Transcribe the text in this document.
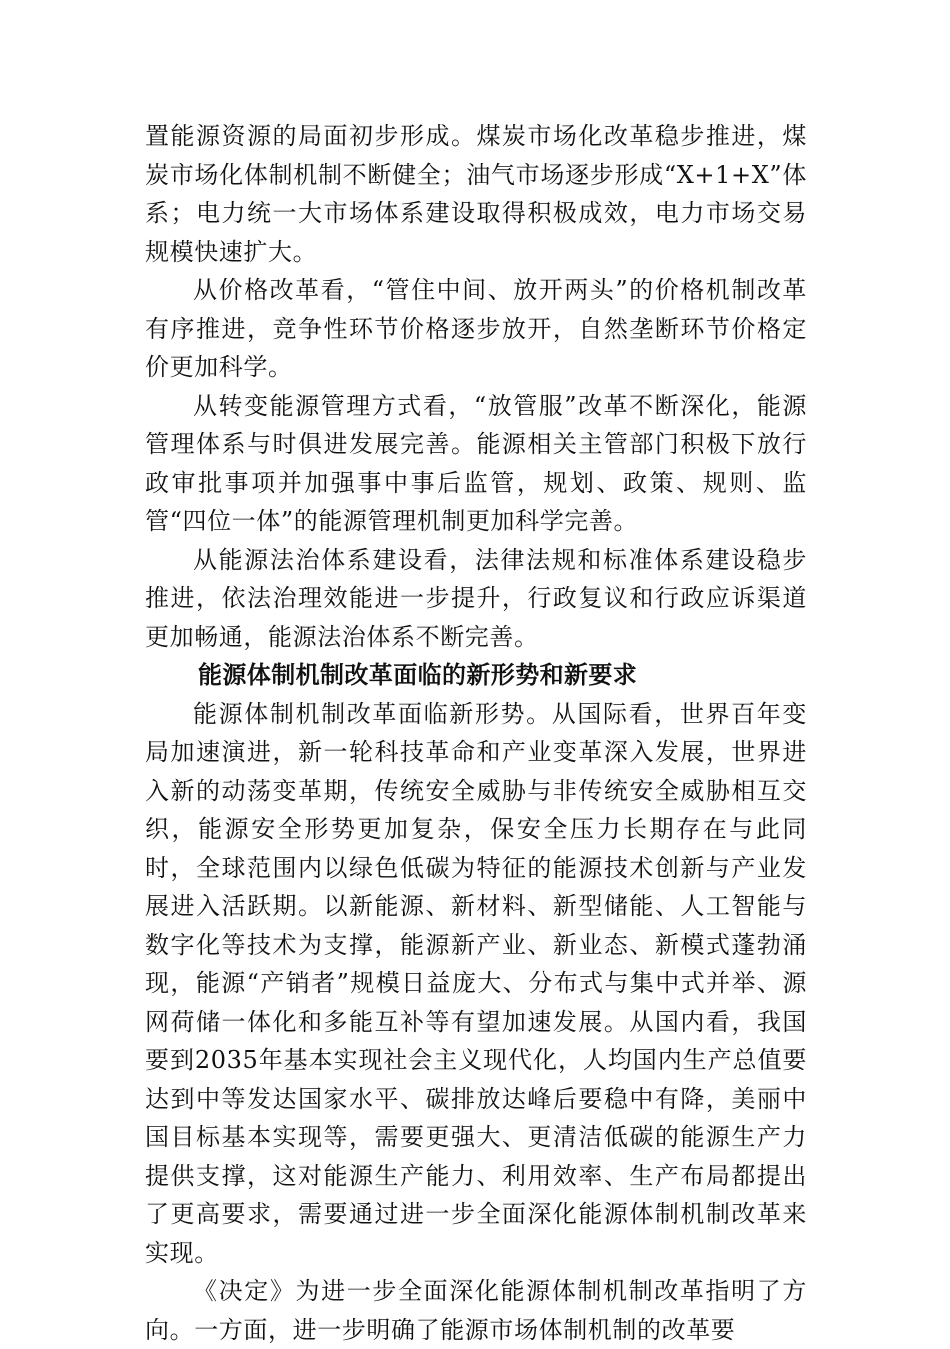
置能源资源的局面初步形成。煤炭市场化改革稳步推进，煤炭市场化体制机制不断健全；油气市场逐步形成“X+1+X”体系；电力统一大市场体系建设取得积极成效，电力市场交易规模快速扩大。

从价格改革看，“管住中间、放开两头”的价格机制改革有序推进，竞争性环节价格逐步放开，自然垄断环节价格定价更加科学。

从转变能源管理方式看，“放管服”改革不断深化，能源管理体系与时俱进发展完善。能源相关主管部门积极下放行政审批事项并加强事中事后监管，规划、政策、规则、监管“四位一体”的能源管理机制更加科学完善。

从能源法治体系建设看，法律法规和标准体系建设稳步推进，依法治理效能进一步提升，行政复议和行政应诉渠道更加畅通，能源法治体系不断完善。

能源体制机制改革面临的新形势和新要求

能源体制机制改革面临新形势。从国际看，世界百年变局加速演进，新一轮科技革命和产业变革深入发展，世界进入新的动荡变革期，传统安全威胁与非传统安全威胁相互交织，能源安全形势更加复杂，保安全压力长期存在与此同时，全球范围内以绿色低碳为特征的能源技术创新与产业发展进入活跃期。以新能源、新材料、新型储能、人工智能与数字化等技术为支撑，能源新产业、新业态、新模式蓬勃涌现，能源“产销者”规模日益庞大、分布式与集中式并举、源网荷储一体化和多能互补等有望加速发展。从国内看，我国要到2035年基本实现社会主义现代化，人均国内生产总值要达到中等发达国家水平、碳排放达峰后要稳中有降，美丽中国目标基本实现等，需要更强大、更清洁低碳的能源生产力提供支撑，这对能源生产能力、利用效率、生产布局都提出了更高要求，需要通过进一步全面深化能源体制机制改革来实现。

《决定》为进一步全面深化能源体制机制改革指明了方向。一方面，进一步明确了能源市场体制机制的改革要
